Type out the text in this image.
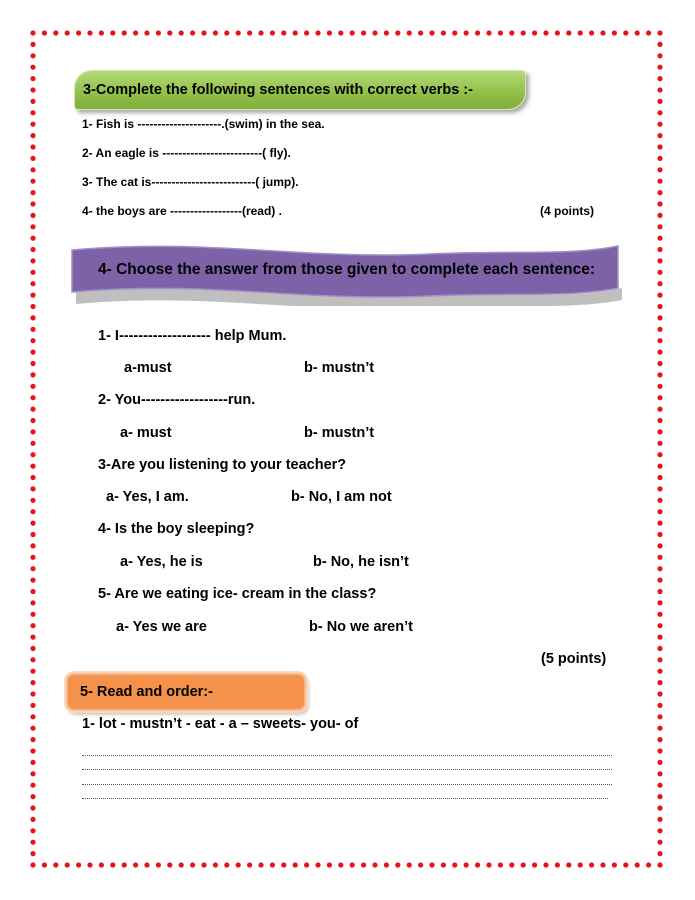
3-Complete the following sentences with correct verbs :-
1- Fish is ---------------------.(swim) in the sea.
2- An eagle is -------------------------( fly).
3- The cat is--------------------------( jump).
4- the boys are ------------------(read) .	(4 points)
4- Choose the answer from those given to complete each sentence:
1- I------------------- help Mum.
a-must	b- mustn’t
2- You------------------run.
a- must	b- mustn’t
3-Are you listening to your teacher?
a- Yes, I am.	b- No, I am not
4- Is the boy sleeping?
a- Yes, he is	b- No, he isn’t
5- Are we eating ice- cream in the class?
a- Yes we are	b- No we aren’t
(5 points)
5- Read and order:-
1- lot - mustn’t - eat - a – sweets- you- of
